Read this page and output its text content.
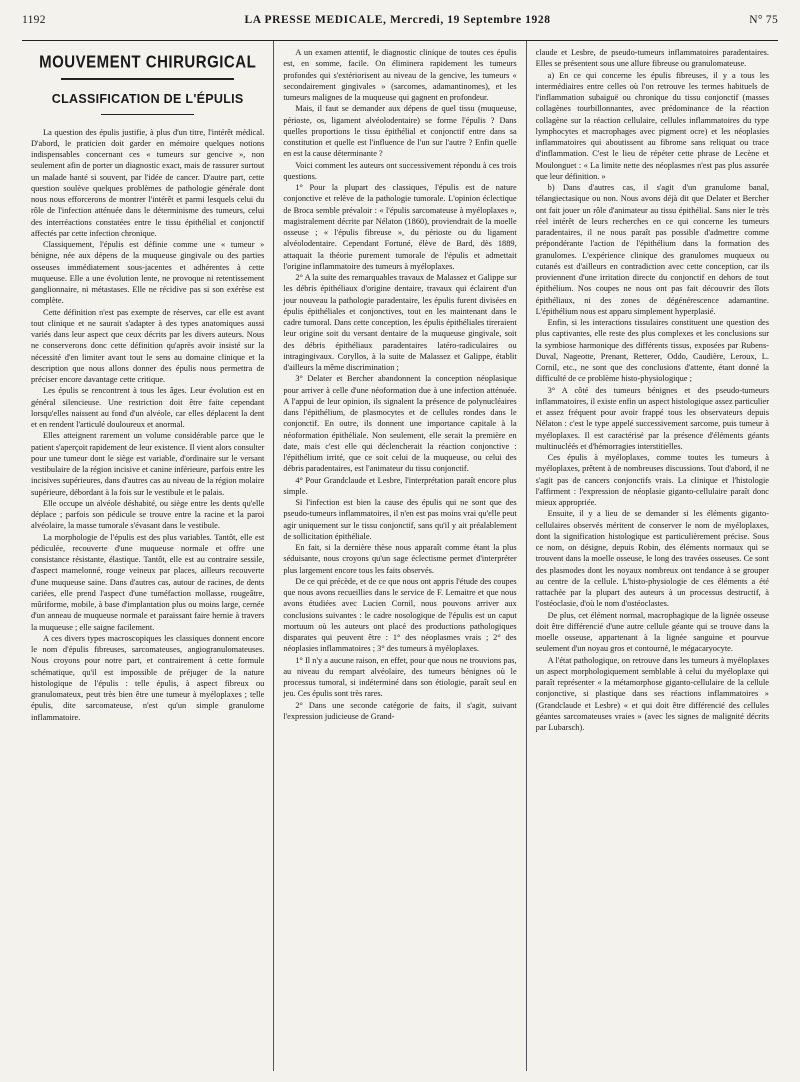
1192	LA PRESSE MEDICALE, Mercredi, 19 Septembre 1928	N° 75
MOUVEMENT CHIRURGICAL
CLASSIFICATION DE L'ÉPULIS

La question des épulis justifie, à plus d'un titre, l'intérêt médical. D'abord, le praticien doit garder en mémoire quelques notions indispensables concernant ces « tumeurs sur gencive », non seulement afin de porter un diagnostic exact, mais de rassurer surtout un malade hanté si souvent, par l'idée de cancer. D'autre part, cette question soulève quelques problèmes de pathologie générale dont nous nous efforcerons de montrer l'intérêt et parmi lesquels celui du rôle de l'infection atténuée dans le déterminisme des tumeurs, celui des interréactions constatées entre le tissu épithélial et conjonctif affectés par cette infection chronique.

Classiquement, l'épulis est définie comme une « tumeur » bénigne, née aux dépens de la muqueuse gingivale ou des parties osseuses immédiatement sous-jacentes et adhérentes à cette muqueuse. Elle a une évolution lente, ne provoque ni retentissement ganglionnaire, ni métastases. Elle ne récidive pas si son exérèse est complète.

Cette définition n'est pas exempte de réserves, car elle est avant tout clinique et ne saurait s'adapter à des types anatomiques aussi variés dans leur aspect que ceux décrits par les divers auteurs. Nous ne conserverons donc cette définition qu'après avoir insisté sur la nécessité d'en limiter avant tout le sens au domaine clinique et la description que nous allons donner des épulis nous permettra de préciser encore davantage cette critique.

Les épulis se rencontrent à tous les âges. Leur évolution est en général silencieuse. Une restriction doit être faite cependant lorsqu'elles naissent au fond d'un alvéole, car elles déplacent la dent et en rendent l'articulé douloureux et anormal.

Elles atteignent rarement un volume considérable parce que le patient s'aperçoit rapidement de leur existence. Il vient alors consulter pour une tumeur dont le siège est variable, d'ordinaire sur le versant vestibulaire de la région incisive et canine inférieure, parfois entre les incisives supérieures, dans d'autres cas au niveau de la région molaire supérieure, débordant à la fois sur le vestibule et le palais.

Elle occupe un alvéole déshabité, ou siège entre les dents qu'elle déplace ; parfois son pédicule se trouve entre la racine et la paroi alvéolaire, la masse tumorale s'évasant dans le vestibule.

La morphologie de l'épulis est des plus variables. Tantôt, elle est pédiculée, recouverte d'une muqueuse normale et offre une consistance résistante, élastique. Tantôt, elle est au contraire sessile, d'aspect mamelonné, rouge veineux par places, ailleurs recouverte d'une muqueuse saine. Dans d'autres cas, autour de racines, de dents cariées, elle prend l'aspect d'une tuméfaction mollasse, rougeâtre, mûriforme, mobile, à base d'implantation plus ou moins large, cernée d'un anneau de muqueuse normale et paraissant faire hernie à travers la muqueuse ; elle saigne facilement.

A ces divers types macroscopiques les classiques donnent encore le nom d'épulis fibreuses, sarcomateuses, angiogranulomateuses. Nous croyons pour notre part, et contrairement à cette formule schématique, qu'il est impossible de préjuger de la nature histologique de l'épulis : telle épulis, à aspect fibreux ou granulomateux, peut très bien être une tumeur à myéloplaxes ; telle épulis, dite sarcomateuse, n'est qu'un simple granulome inflammatoire.

A un examen attentif, le diagnostic clinique de toutes ces épulis est, en somme, facile. On éliminera rapidement les tumeurs profondes qui s'extériorisent au niveau de la gencive, les tumeurs « secondairement gingivales » (sarcomes, adamantinomes), et les tumeurs malignes de la muqueuse qui gagnent en profondeur.

Mais, il faut se demander aux dépens de quel tissu (muqueuse, périoste, os, ligament alvéolodentaire) se forme l'épulis ? Dans quelles proportions le tissu épithélial et conjonctif entre dans sa constitution et quelle est l'influence de l'un sur l'autre ? Enfin quelle en est la cause déterminante ?

Voici comment les auteurs ont successivement répondu à ces trois questions.

1° Pour la plupart des classiques, l'épulis est de nature conjonctive et relève de la pathologie tumorale. L'opinion éclectique de Broca semble prévaloir : « l'épulis sarcomateuse à myéloplaxes », magistralement décrite par Nélaton (1860), proviendrait de la moelle osseuse ; « l'épulis fibreuse », du périoste ou du ligament alvéolodentaire. Cependant Fortuné, élève de Bard, dès 1889, attaquait la théorie purement tumorale de l'épulis et admettait l'origine inflammatoire des tumeurs à myéloplaxes.

2° A la suite des remarquables travaux de Malassez et Galippe sur les débris épithéliaux d'origine dentaire, travaux qui éclairent d'un jour nouveau la pathologie paradentaire, les épulis furent divisées en épulis épithéliales et conjonctives, tout en les maintenant dans le cadre tumoral. Dans cette conception, les épulis épithéliales tireraient leur origine soit du versant dentaire de la muqueuse gingivale, soit des débris épithéliaux paradentaires latéro-radiculaires ou intragingivaux. Coryllos, à la suite de Malassez et Galippe, établit d'ailleurs la même discrimination ;

3° Delater et Bercher abandonnent la conception néoplasique pour arriver à celle d'une néoformation due à une infection atténuée. A l'appui de leur opinion, ils signalent la présence de polynucléaires dans l'épithélium, de plasmocytes et de cellules rondes dans le conjonctif. En outre, ils donnent une importance capitale à la néoformation épithéliale. Non seulement, elle serait la première en date, mais c'est elle qui déclencherait la réaction conjonctive : l'épithélium irrité, que ce soit celui de la muqueuse, ou celui des débris paradentaires, est l'animateur du tissu conjonctif.

4° Pour Grandclaude et Lesbre, l'interprétation paraît encore plus simple.

Si l'infection est bien la cause des épulis qui ne sont que des pseudo-tumeurs inflammatoires, il n'en est pas moins vrai qu'elle peut agir uniquement sur le tissu conjonctif, sans qu'il y ait préalablement de sollicitation épithéliale.

En fait, si la dernière thèse nous apparaît comme étant la plus séduisante, nous croyons qu'un sage éclectisme permet d'interpréter plus largement encore tous les faits observés.

De ce qui précède, et de ce que nous ont appris l'étude des coupes que nous avons recueillies dans le service de F. Lemaitre et que nous avons étudiées avec Lucien Cornil, nous pouvons arriver aux conclusions suivantes : le cadre nosologique de l'épulis est un caput mortuum où les auteurs ont placé des productions pathologiques disparates qui peuvent être : 1° des néoplasmes vrais ; 2° des néoplasies inflammatoires ; 3° des tumeurs à myéloplaxes.

1° Il n'y a aucune raison, en effet, pour que nous ne trouvions pas, au niveau du rempart alvéolaire, des tumeurs bénignes où le processus tumoral, si indéterminé dans son étiologie, paraît seul en jeu. Ces épulis sont très rares.

2° Dans une seconde catégorie de faits, il s'agit, suivant l'expression judicieuse de Grand-

claude et Lesbre, de pseudo-tumeurs inflammatoires paradentaires. Elles se présentent sous une allure fibreuse ou granulomateuse.

a) En ce qui concerne les épulis fibreuses, il y a tous les intermédiaires entre celles où l'on retrouve les termes habituels de l'inflammation subaiguë ou chronique du tissu conjonctif (masses collagènes tourbillonnantes, avec prédominance de la réaction collagène sur la réaction cellulaire, cellules inflammatoires du type lymphocytes et macrophages avec pigment ocre) et les néoplasies inflammatoires qui aboutissent au fibrome sans reliquat ou trace d'inflammation. C'est le lieu de répéter cette phrase de Lecène et Moulonguet : « La limite nette des néoplasmes n'est pas plus assurée que leur définition. »

b) Dans d'autres cas, il s'agit d'un granulome banal, télangiectasique ou non. Nous avons déjà dit que Delater et Bercher ont fait jouer un rôle d'animateur au tissu épithélial. Sans nier le très réel intérêt de leurs recherches en ce qui concerne les tumeurs paradentaires, il ne nous paraît pas possible d'admettre comme prépondérante l'action de l'épithélium dans la formation des granulomes. L'expérience clinique des granulomes muqueux ou cutanés est d'ailleurs en contradiction avec cette conception, car ils proviennent d'une irritation directe du conjonctif en dehors de tout épithélium. Nos coupes ne nous ont pas fait découvrir des îlots épithéliaux, ni des zones de dégénérescence adamantine. L'épithélium nous est apparu simplement hyperplasié.

Enfin, si les interactions tissulaires constituent une question des plus captivantes, elle reste des plus complexes et les conclusions sur la symbiose harmonique des différents tissus, exposées par Rubens-Duval, Nageotte, Prenant, Retterer, Oddo, Caudière, Leroux, L. Cornil, etc., ne sont que des conclusions d'attente, étant donné la difficulté de ce problème histo-physiologique ;

3° A côté des tumeurs bénignes et des pseudo-tumeurs inflammatoires, il existe enfin un aspect histologique assez particulier et assez fréquent pour avoir frappé tous les observateurs depuis Nélaton : c'est le type appelé successivement sarcome, puis tumeur à myéloplaxes. Il est caractérisé par la présence d'éléments géants multinucléés et d'hémorragies interstitielles.

Ces épulis à myéloplaxes, comme toutes les tumeurs à myéloplaxes, prêtent à de nombreuses discussions. Tout d'abord, il ne s'agit pas de cancers conjonctifs vrais. La clinique et l'histologie l'affirment : l'expression de néoplasie giganto-cellulaire paraît donc mieux appropriée.

Ensuite, il y a lieu de se demander si les éléments giganto-cellulaires observés méritent de conserver le nom de myéloplaxes, dont la signification histologique est particulièrement précise. Sous ce nom, on désigne, depuis Robin, des éléments normaux qui se trouvent dans la moelle osseuse, le long des travées osseuses. Ce sont des plasmodes dont les noyaux nombreux ont tendance à se grouper au centre de la cellule. L'histo-physiologie de ces éléments a été rattachée par la plupart des auteurs à un processus destructif, à l'ostéoclasie, d'où le nom d'ostéoclastes.

De plus, cet élément normal, macrophagique de la lignée osseuse doit être différencié d'une autre cellule géante qui se trouve dans la moelle osseuse, appartenant à la lignée sanguine et pourvue seulement d'un noyau gros et contourné, le mégacaryocyte.

A l'état pathologique, on retrouve dans les tumeurs à myéloplaxes un aspect morphologiquement semblable à celui du myéloplaxe qui paraît représenter « la métamorphose giganto-cellulaire de la cellule conjonctive, si plastique dans ses réactions inflammatoires » (Grandclaude et Lesbre) « et qui doit être différencié des cellules géantes sarcomateuses vraies » (avec les signes de malignité décrits par Lubarsch).
